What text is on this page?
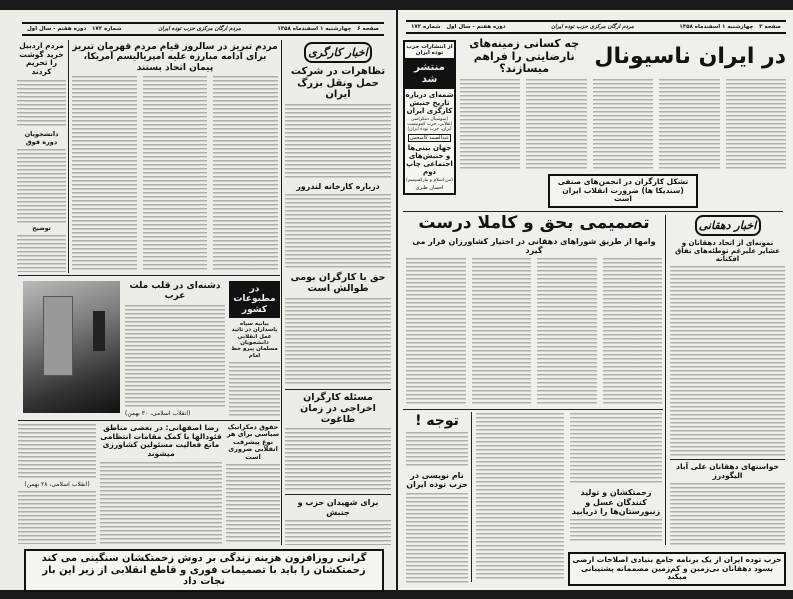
صفحه ۶   چهارشنبه ۱ اسفندماه ۱۳۵۸
مردم ارگان مرکزی حزب توده ایران
شماره ۱۷۲   دوره هفتم - سال اول
اخبار کارگری
تظاهرات در شرکت حمل ونقل بزرگ ایران
درباره کارخانه لندرور
حق با کارگران بومی طوالش است
مسئله کارگران اخراجی در زمان طاغوت
برای شهیدان حزب و جنبش
مردم تبریز در سالروز قیام مردم قهرمان تبریز برای ادامه مبارزه علیه امپریالیسم آمریکا، پیمان اتحاد بستند
مردم اردبیل خرید گوشت را تحریم کردند
دانشجویان دوره فوق
توضیح
دشنه‌ای در قلب ملت عرب
(انقلاب اسلامی، ۳۰ بهمن)
در مطبوعات کشور
بیانیه سپاه پاسداران در تائید عمل انقلابی دانشجویان مسلمان پیرو خط امام
(انقلاب اسلامی، ۲۸ بهمن)
رضا اصفهانی: در بعضی مناطق فئودالها با کمک مقامات انتظامی مانع فعالیت مسئولین کشاورزی میشوند
حقوق دمکراتیک سیاسی برای هر نوع پیشرفت انقلابی ضروری است
گرانی روزافزون هزینه زندگی بر دوش زحمتکشان سنگینی می کند
زحمتکشان را باید با تصمیمات فوری و قاطع انقلابی از زیر این بار نجات داد
صفحه ۳   چهارشنبه ۱ اسفندماه ۱۳۵۸
مردم ارگان مرکزی حزب توده ایران
دوره هفتم - سال اول   شماره ۱۷۲
از انتشارات حزب توده ایران
منتشر شد
شمه‌ای درباره تاریخ جنبش کارگری ایران
(سوسیال دمکراسی انقلابی، حزب کمونیست ایران، حزب توده ایران)
عبدالصمد کامبخش
جهان بینی‌ها و جنبش‌های اجتماعی چاپ دوم
(من اسلام و مارکسیسم)
احسان طبری
در ایران ناسیونال
چه کسانی زمینه‌های نارضایتی را فراهم میسازند؟
تشکل کارگران در انجمن‌های صنفی (سندیکا ها) ضرورت انقلاب ایران است
تصمیمی بحق و کاملا درست
وامها از طریق شوراهای دهقانی در اختیار کشاورزان قرار می گیرد
اخبار دهقانی
نمونه‌ای از اتحاد دهقانان و عشایر علیرغم توطئه‌های نفاق افکنانه
خواستهای دهقانان علی آباد الیگودرز
توجه !
نام نویسی در حزب توده ایران
زحمتکشان و تولید کنندگان عسل و زنبورستان‌ها را دریابید
حزب توده ایران از یک برنامه جامع بنیادی اصلاحات ارضی
بسود دهقانان بی‌زمین و کم‌زمین مصممانه پشتیبانی میکند
